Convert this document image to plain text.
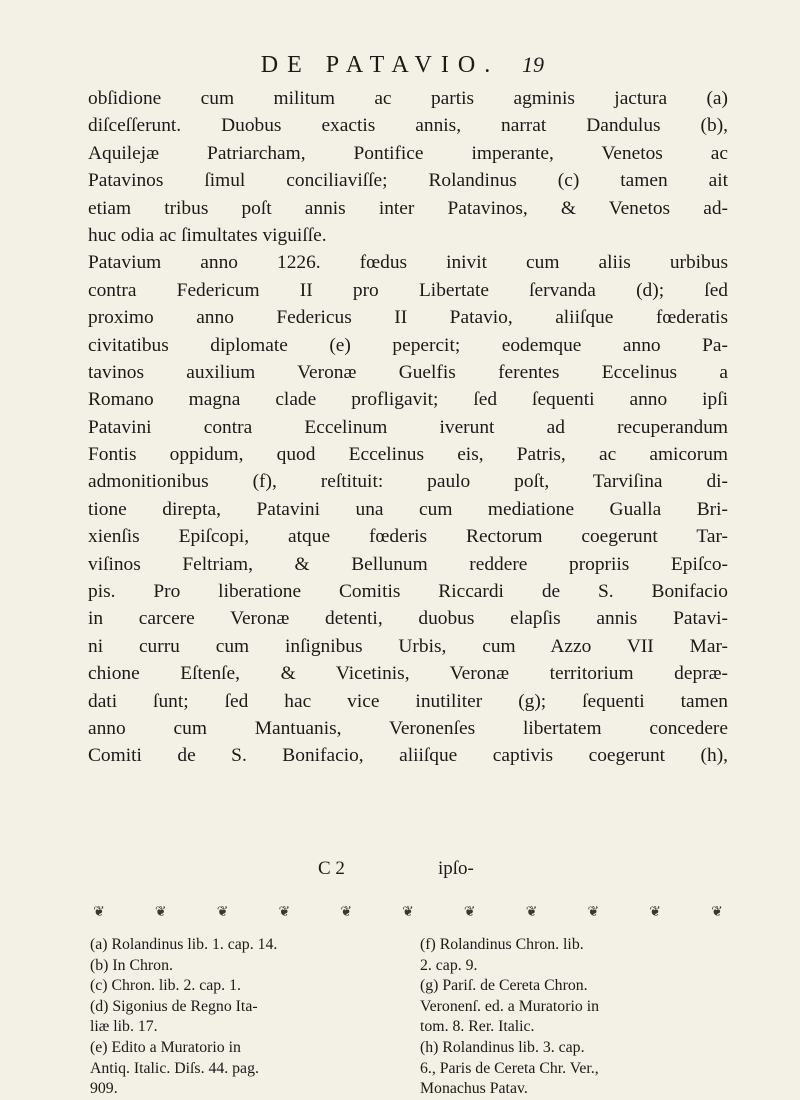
DE PATAVIO.	19
obſidione cum militum ac partis agminis jactura (a)
diſceſſerunt. Duobus exactis annis, narrat Dandulus (b),
Aquilejæ Patriarcham, Pontifice imperante, Venetos ac
Patavinos ſimul conciliaviſſe; Rolandinus (c) tamen ait
etiam tribus poſt annis inter Patavinos, & Venetos ad-
huc odia ac ſimultates viguiſſe.
Patavium anno 1226. fœdus inivit cum aliis urbibus
contra Federicum II pro Libertate ſervanda (d); ſed
proximo anno Federicus II Patavio, aliiſque fœderatis
civitatibus diplomate (e) pepercit; eodemque anno Pa-
tavinos auxilium Veronæ Guelfis ferentes Eccelinus a
Romano magna clade profligavit; ſed ſequenti anno ipſi
Patavini contra Eccelinum iverunt ad recuperandum
Fontis oppidum, quod Eccelinus eis, Patris, ac amicorum
admonitionibus (f), reſtituit: paulo poſt, Tarviſina di-
tione direpta, Patavini una cum mediatione Gualla Bri-
xienſis Epiſcopi, atque fœderis Rectorum coegerunt Tar-
viſinos Feltriam, & Bellunum reddere propriis Epiſco-
pis. Pro liberatione Comitis Riccardi de S. Bonifacio
in carcere Veronæ detenti, duobus elapſis annis Patavi-
ni curru cum inſignibus Urbis, cum Azzo VII Mar-
chione Eſtenſe, & Vicetinis, Veronæ territorium depræ-
dati ſunt; ſed hac vice inutiliter (g); ſequenti tamen
anno cum Mantuanis, Veronenſes libertatem concedere
Comiti de S. Bonifacio, aliiſque captivis coegerunt (h),
C 2	ipſo-
❦	❦	❦	❦	❦	❦	❦	❦	❦	❦	❦
(a) Rolandinus lib. 1. cap. 14.
(b) In Chron.
(c) Chron. lib. 2. cap. 1.
(d) Sigonius de Regno Ita-
liæ lib. 17.
(e) Edito a Muratorio in
Antiq. Italic. Diſs. 44. pag.
909.
(f) Rolandinus Chron. lib.
2. cap. 9.
(g) Pariſ. de Cereta Chron.
Veronenſ. ed. a Muratorio in
tom. 8. Rer. Italic.
(h) Rolandinus lib. 3. cap.
6., Paris de Cereta Chr. Ver.,
Monachus Patav.
